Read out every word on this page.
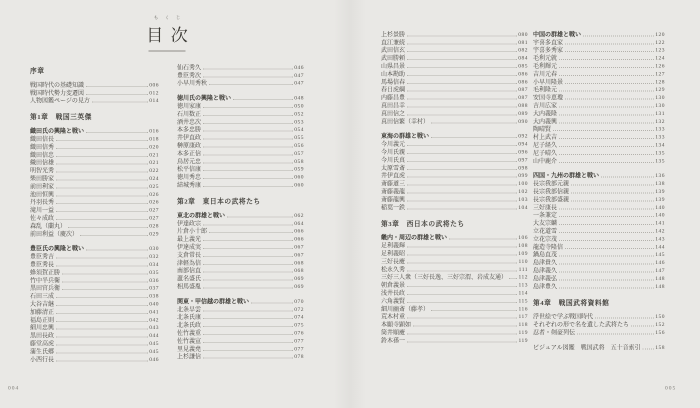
もくじ
目次
序章
戦国時代の基礎知識	006
戦国時代勢力変遷図	012
人物図鑑ページの見方	014
第1章　戦国三英傑
織田氏の興隆と戦い	016
織田信長	018
織田信秀	020
織田信忠	021
織田信雄	021
明智光秀	022
柴田勝家	024
前田利家	025
池田恒興	026
丹羽長秀	026
滝川一益	027
佐々成政	027
森乱（蘭丸）	028
前田利益（慶次）	029
豊臣氏の興隆と戦い	030
豊臣秀吉	032
豊臣秀長	034
蜂須賀正勝	035
竹中半兵衛	036
黒田官兵衛	037
石田三成	038
大谷吉継	040
加藤清正	041
福島正則	042
細川忠興	043
黒田長政	044
藤堂高虎	045
蒲生氏郷	045
小西行長	046
仙石秀久	046
豊臣秀次	047
小早川秀秋	047
徳川氏の興隆と戦い	048
徳川家康	050
石川数正	052
酒井忠次	053
本多忠勝	054
井伊直政	055
榊原康政	056
本多正信	057
鳥居元忠	058
松平信康	059
徳川秀忠	060
結城秀康	060
第2章　東日本の武将たち
東北の群雄と戦い	062
伊達政宗	064
片倉小十郎	066
最上義光	066
伊達成実	067
支倉常長	067
津軽為信	068
南部信直	068
蘆名盛氏	069
相馬盛胤	069
関東・甲信越の群雄と戦い	070
北条早雲	072
北条氏康	074
北条氏政	075
佐竹義重	076
佐竹義宣	077
里見義堯	077
上杉謙信	078
上杉景勝	080
直江兼続	081
武田信玄	082
武田勝頼	084
山県昌景	085
山本勘助	086
馬場信春	086
春日虎綱	087
内藤昌豊	087
真田昌幸	088
真田信之	089
真田信繁（幸村）	090
東海の群雄と戦い	092
今川義元	094
今川氏親	096
今川氏真	097
太原雪斎	098
井伊直虎	099
斎藤道三	100
斎藤義龍	102
斎藤龍興	103
稲葉一鉄	104
第3章　西日本の武将たち
畿内・周辺の群雄と戦い	106
足利義輝	108
足利義昭	109
三好長慶	110
松永久秀	111
三好三人衆（三好長逸、三好宗渭、岩成友通） 112
朝倉義景	113
浅井長政	114
六角義賢	115
細川幽斎（藤孝）	116
荒木村重	117
本願寺顕如	118
筒井順慶	119
鈴木孫一	119
中国の群雄と戦い	120
宇喜多直家	122
宇喜多秀家	123
毛利元就	124
毛利輝元	126
吉川元春	127
小早川隆景	128
毛利隆元	129
安国寺恵瓊	130
吉川広家	130
大内義隆	131
大内義興	132
陶晴賢	133
村上武吉	133
尼子経久	134
尼子晴久	135
山中鹿介	135
四国・九州の群雄と戦い	136
長宗我部元親	138
長宗我部信親	139
長宗我部盛親	139
三好康長	140
一条兼定	140
大友宗麟	141
立花道雪	142
立花宗茂	143
龍造寺隆信	144
鍋島直茂	145
島津貴久	146
島津義久	147
島津義弘	148
島津豊久	148
第4章　戦国武将資料館
浮世絵で学ぶ戦国時代	150
それぞれの形で名を遺した武将たち 152
忍者・剣豪列伝	156
ビジュアル図鑑　戦国武将　五十音索引 158
004	005
